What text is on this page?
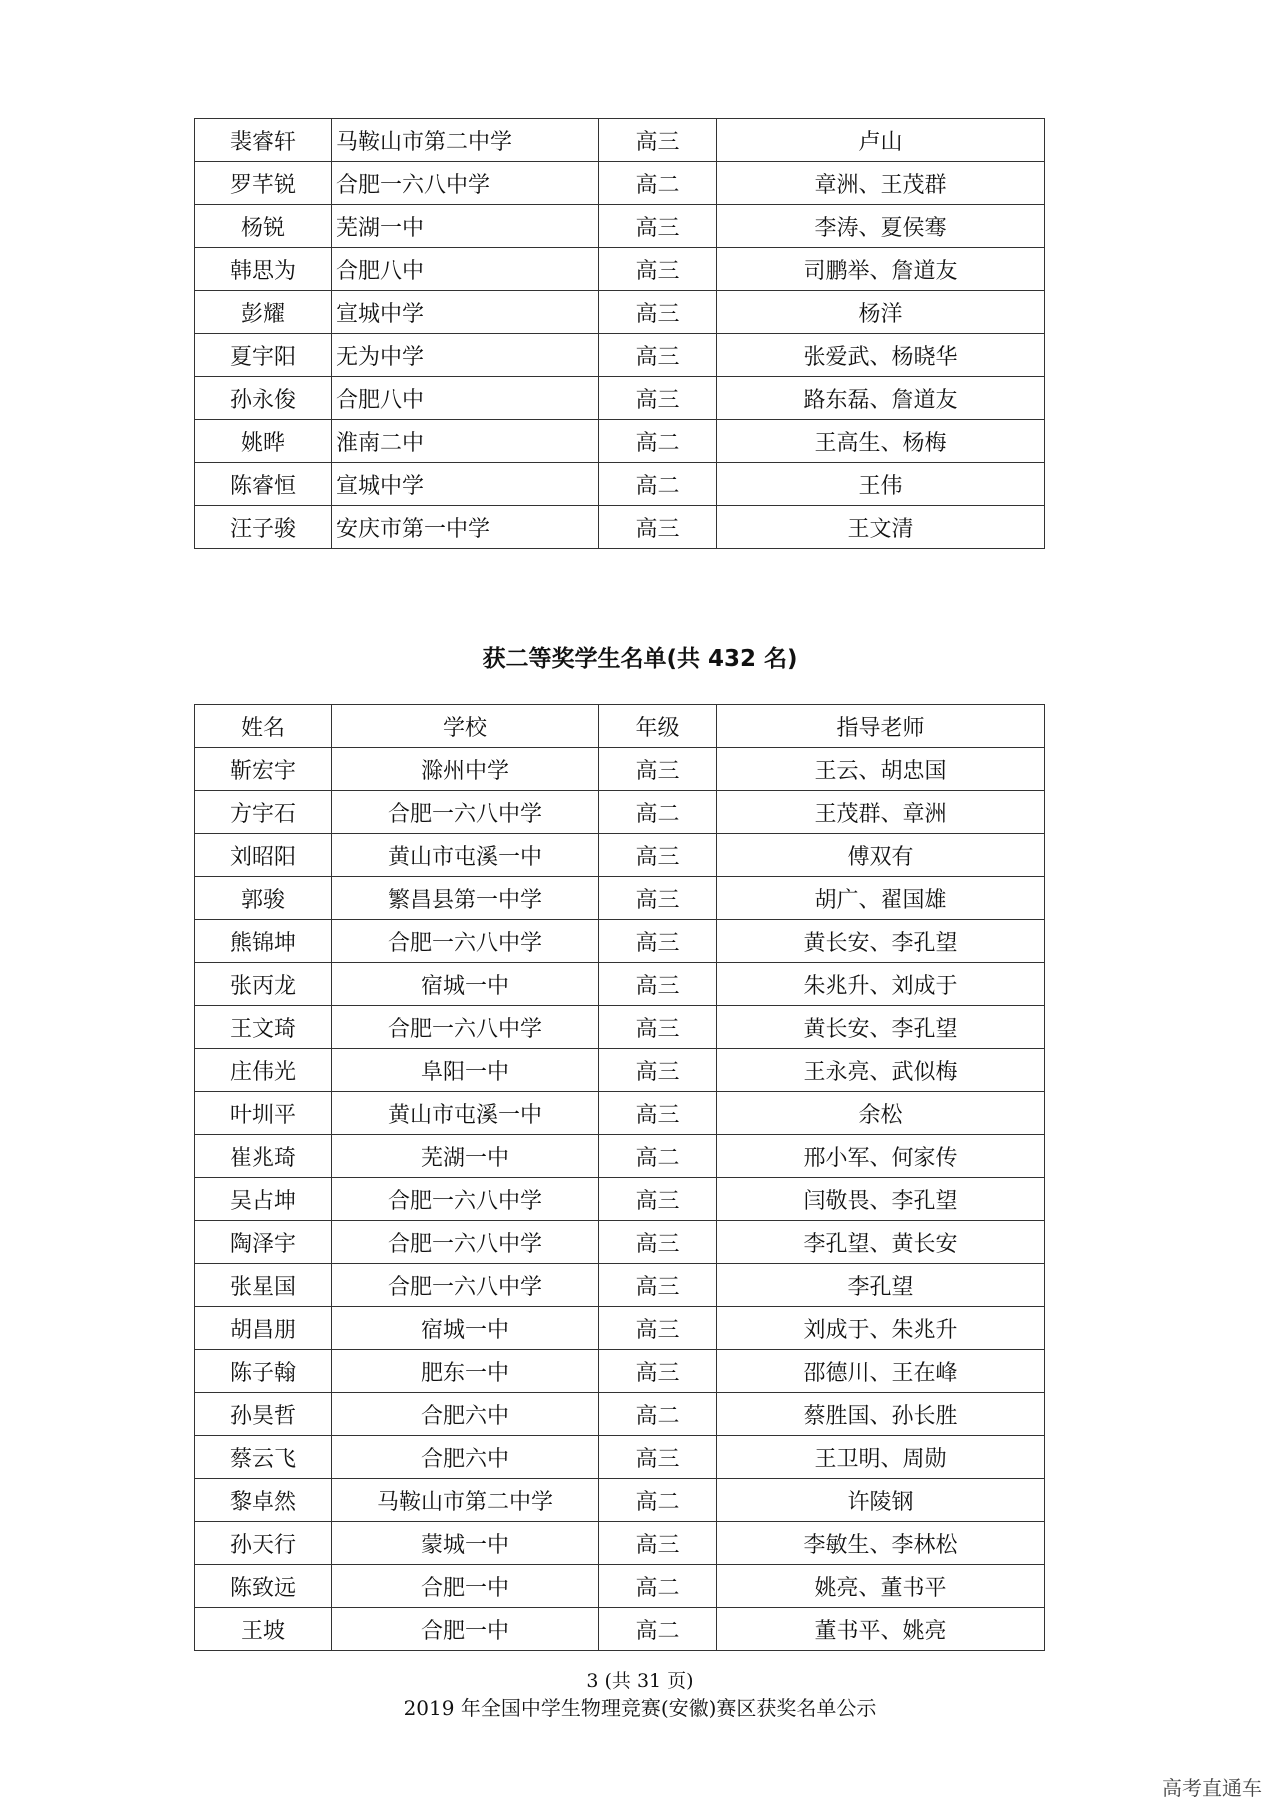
裴睿轩	马鞍山市第二中学	高三	卢山
罗芊锐	合肥一六八中学	高二	章洲、王茂群
杨锐	芜湖一中	高三	李涛、夏侯骞
韩思为	合肥八中	高三	司鹏举、詹道友
彭耀	宣城中学	高三	杨洋
夏宇阳	无为中学	高三	张爱武、杨晓华
孙永俊	合肥八中	高三	路东磊、詹道友
姚晔	淮南二中	高二	王高生、杨梅
陈睿恒	宣城中学	高二	王伟
汪子骏	安庆市第一中学	高三	王文清
获二等奖学生名单(共 432 名)
姓名	学校	年级	指导老师
靳宏宇	滁州中学	高三	王云、胡忠国
方宇石	合肥一六八中学	高二	王茂群、章洲
刘昭阳	黄山市屯溪一中	高三	傅双有
郭骏	繁昌县第一中学	高三	胡广、翟国雄
熊锦坤	合肥一六八中学	高三	黄长安、李孔望
张丙龙	宿城一中	高三	朱兆升、刘成于
王文琦	合肥一六八中学	高三	黄长安、李孔望
庄伟光	阜阳一中	高三	王永亮、武似梅
叶圳平	黄山市屯溪一中	高三	余松
崔兆琦	芜湖一中	高二	邢小军、何家传
吴占坤	合肥一六八中学	高三	闫敬畏、李孔望
陶泽宇	合肥一六八中学	高三	李孔望、黄长安
张星国	合肥一六八中学	高三	李孔望
胡昌朋	宿城一中	高三	刘成于、朱兆升
陈子翰	肥东一中	高三	邵德川、王在峰
孙昊哲	合肥六中	高二	蔡胜国、孙长胜
蔡云飞	合肥六中	高三	王卫明、周勋
黎卓然	马鞍山市第二中学	高二	许陵钢
孙天行	蒙城一中	高三	李敏生、李林松
陈致远	合肥一中	高二	姚亮、董书平
王坡	合肥一中	高二	董书平、姚亮
3 (共 31 页)
2019 年全国中学生物理竞赛(安徽)赛区获奖名单公示
高考直通车
